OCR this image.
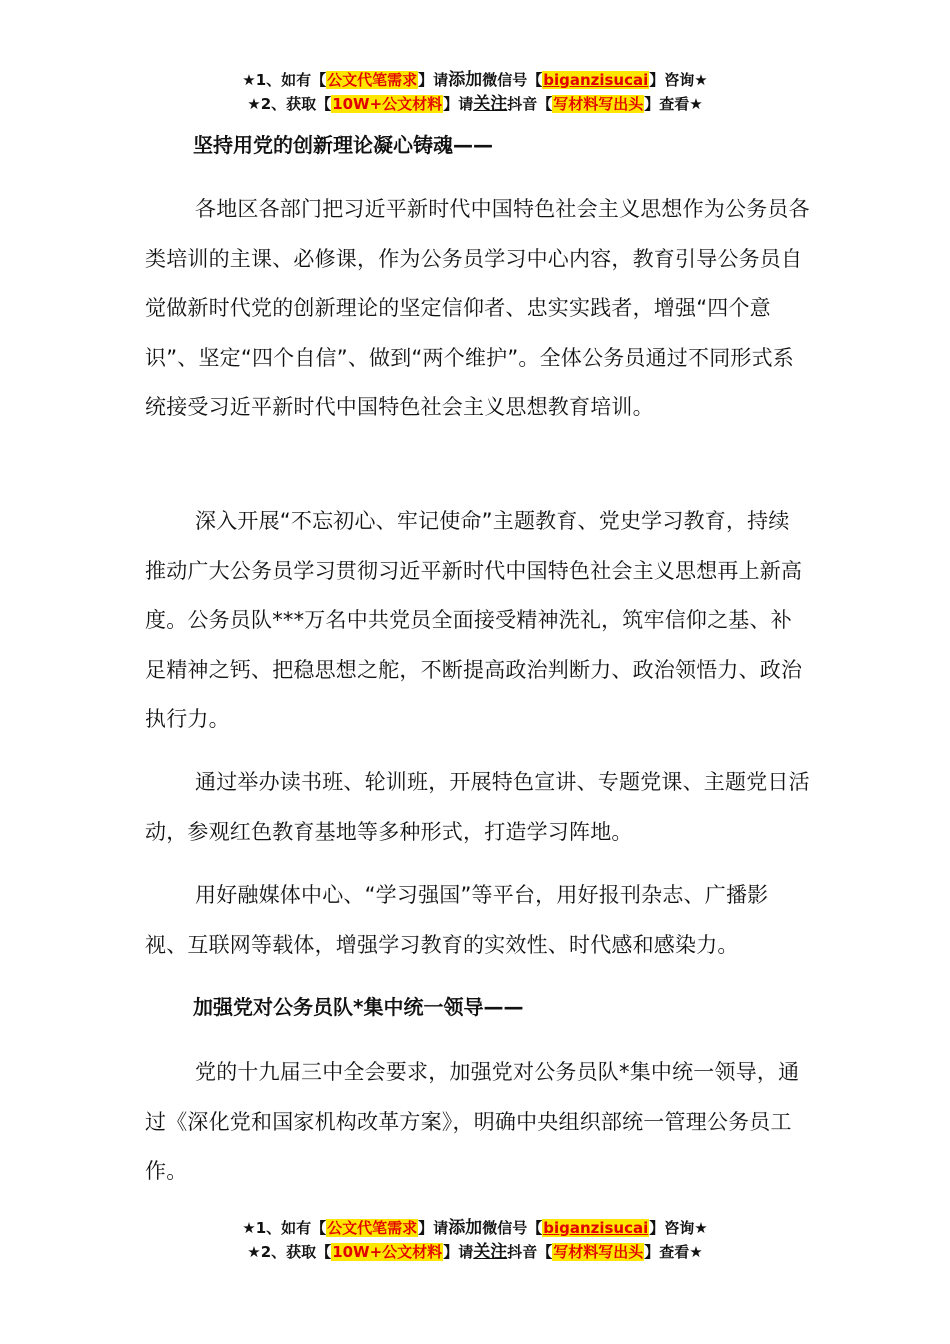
★1、如有【公文代笔需求】请添加微信号【biganzisucai】咨询★
★2、获取【10W+公文材料】请关注抖音【写材料写出头】查看★
坚持用党的创新理论凝心铸魂——

各地区各部门把习近平新时代中国特色社会主义思想作为公务员各类培训的主课、必修课，作为公务员学习中心内容，教育引导公务员自觉做新时代党的创新理论的坚定信仰者、忠实实践者，增强“四个意识”、坚定“四个自信”、做到“两个维护”。全体公务员通过不同形式系统接受习近平新时代中国特色社会主义思想教育培训。

深入开展“不忘初心、牢记使命”主题教育、党史学习教育，持续推动广大公务员学习贯彻习近平新时代中国特色社会主义思想再上新高度。公务员队***万名中共党员全面接受精神洗礼，筑牢信仰之基、补足精神之钙、把稳思想之舵，不断提高政治判断力、政治领悟力、政治执行力。

通过举办读书班、轮训班，开展特色宣讲、专题党课、主题党日活动，参观红色教育基地等多种形式，打造学习阵地。

用好融媒体中心、“学习强国”等平台，用好报刊杂志、广播影视、互联网等载体，增强学习教育的实效性、时代感和感染力。

加强党对公务员队*集中统一领导——

党的十九届三中全会要求，加强党对公务员队*集中统一领导，通过《深化党和国家机构改革方案》，明确中央组织部统一管理公务员工作。

★1、如有【公文代笔需求】请添加微信号【biganzisucai】咨询★
★2、获取【10W+公文材料】请关注抖音【写材料写出头】查看★
